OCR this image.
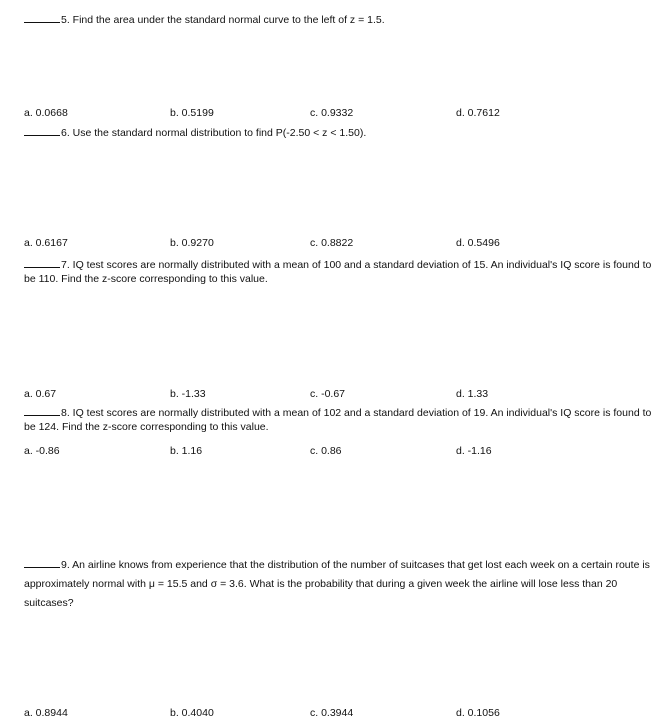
5. Find the area under the standard normal curve to the left of z = 1.5.
a. 0.0668	b. 0.5199	c. 0.9332	d. 0.7612
6. Use the standard normal distribution to find P(-2.50 < z < 1.50).
a. 0.6167	b. 0.9270	c. 0.8822	d. 0.5496
7. IQ test scores are normally distributed with a mean of 100 and a standard deviation of 15. An individual's IQ score is found to be 110. Find the z-score corresponding to this value.
a. 0.67	b. -1.33	c. -0.67	d. 1.33
8. IQ test scores are normally distributed with a mean of 102 and a standard deviation of 19. An individual's IQ score is found to be 124. Find the z-score corresponding to this value.
a. -0.86	b. 1.16	c. 0.86	d. -1.16
9. An airline knows from experience that the distribution of the number of suitcases that get lost each week on a certain route is approximately normal with μ = 15.5 and σ = 3.6. What is the probability that during a given week the airline will lose less than 20 suitcases?
a. 0.8944	b. 0.4040	c. 0.3944	d. 0.1056
